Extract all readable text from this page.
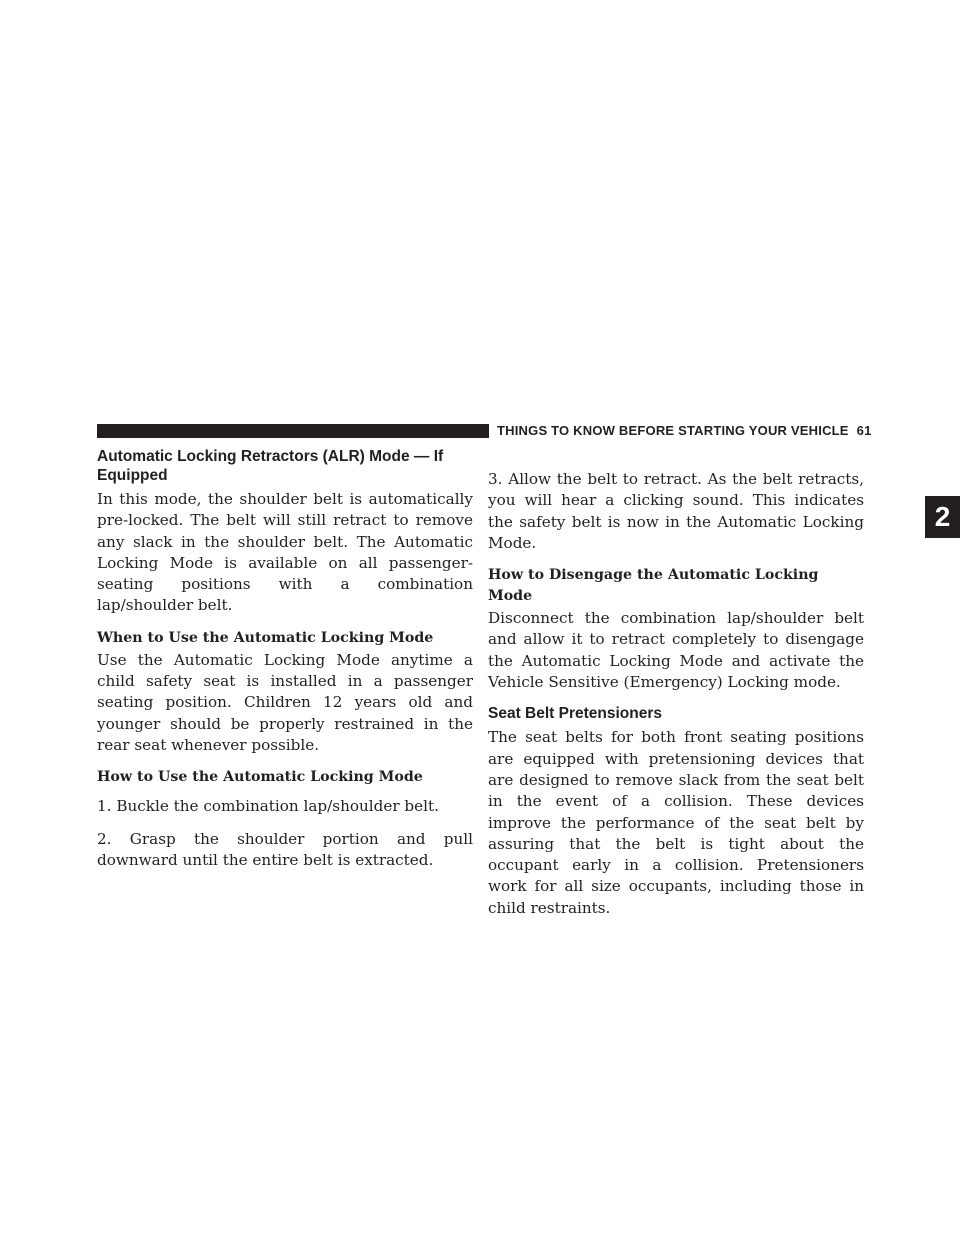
THINGS TO KNOW BEFORE STARTING YOUR VEHICLE 61
2
Automatic Locking Retractors (ALR) Mode — If Equipped

In this mode, the shoulder belt is automatically pre-locked. The belt will still retract to remove any slack in the shoulder belt. The Automatic Locking Mode is available on all passenger-seating positions with a combination lap/shoulder belt.

When to Use the Automatic Locking Mode

Use the Automatic Locking Mode anytime a child safety seat is installed in a passenger seating position. Children 12 years old and younger should be properly restrained in the rear seat whenever possible.

How to Use the Automatic Locking Mode

1. Buckle the combination lap/shoulder belt.

2. Grasp the shoulder portion and pull downward until the entire belt is extracted.

3. Allow the belt to retract. As the belt retracts, you will hear a clicking sound. This indicates the safety belt is now in the Automatic Locking Mode.

How to Disengage the Automatic Locking Mode

Disconnect the combination lap/shoulder belt and allow it to retract completely to disengage the Automatic Locking Mode and activate the Vehicle Sensitive (Emergency) Locking mode.

Seat Belt Pretensioners

The seat belts for both front seating positions are equipped with pretensioning devices that are designed to remove slack from the seat belt in the event of a collision. These devices improve the performance of the seat belt by assuring that the belt is tight about the occupant early in a collision. Pretensioners work for all size occupants, including those in child restraints.
